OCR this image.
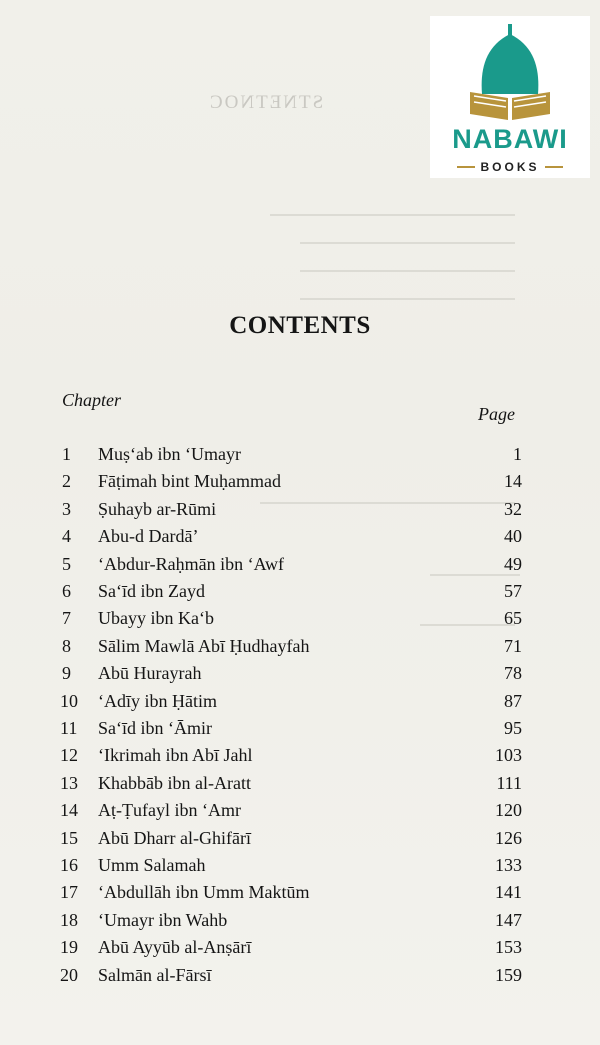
STNETNOC
NABAWI
BOOKS
CONTENTS
Chapter
Page
1	Muṣ‘ab ibn ‘Umayr	1
2	Fāṭimah bint Muḥammad	14
3	Ṣuhayb ar-Rūmi	32
4	Abu-d Dardā’	40
5	‘Abdur-Raḥmān ibn ‘Awf	49
6	Sa‘īd ibn Zayd	57
7	Ubayy ibn Ka‘b	65
8	Sālim Mawlā Abī Ḥudhayfah	71
9	Abū Hurayrah	78
10	‘Adīy ibn Ḥātim	87
11	Sa‘īd ibn ‘Āmir	95
12	‘Ikrimah ibn Abī Jahl	103
13	Khabbāb ibn al-Aratt	111
14	Aṭ-Ṭufayl ibn ‘Amr	120
15	Abū Dharr al-Ghifārī	126
16	Umm Salamah	133
17	‘Abdullāh ibn Umm Maktūm	141
18	‘Umayr ibn Wahb	147
19	Abū Ayyūb al-Anṣārī	153
20	Salmān al-Fārsī	159
